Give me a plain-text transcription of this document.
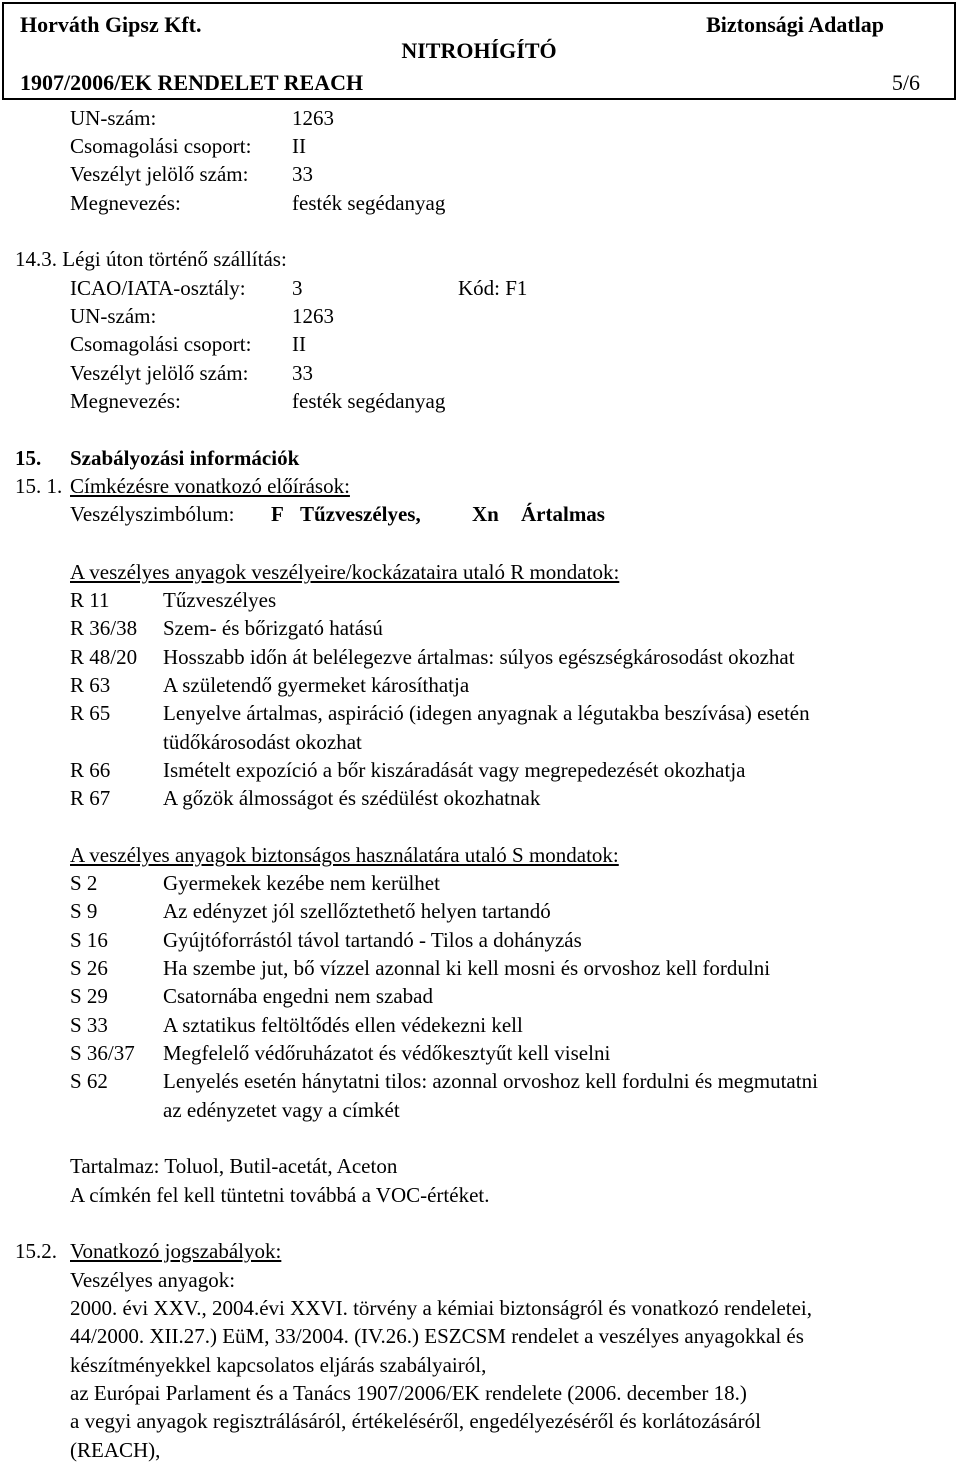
Horváth Gipsz Kft.	Biztonsági Adatlap
NITROHÍGÍTÓ
1907/2006/EK RENDELET REACH	5/6
UN-szám:	1263
Csomagolási csoport: II
Veszélyt jelölő szám: 33
Megnevezés:	festék segédanyag
14.3. Légi úton történő szállítás:
ICAO/IATA-osztály: 3	Kód: F1
UN-szám:	1263
Csomagolási csoport: II
Veszélyt jelölő szám: 33
Megnevezés:	festék segédanyag
15. Szabályozási információk
15. 1. Címkézésre vonatkozó előírások:
Veszélyszimbólum: F Tűzveszélyes, Xn Ártalmas
A veszélyes anyagok veszélyeire/kockázataira utaló R mondatok:
R 11	Tűzveszélyes
R 36/38 Szem- és bőrizgató hatású
R 48/20 Hosszabb időn át belélegezve ártalmas: súlyos egészségkárosodást okozhat
R 63	A születendő gyermeket károsíthatja
R 65	Lenyelve ártalmas, aspiráció (idegen anyagnak a légutakba beszívása) esetén
tüdőkárosodást okozhat
R 66	Ismételt expozíció a bőr kiszáradását vagy megrepedezését okozhatja
R 67	A gőzök álmosságot és szédülést okozhatnak
A veszélyes anyagok biztonságos használatára utaló S mondatok:
S 2	Gyermekek kezébe nem kerülhet
S 9	Az edényzet jól szellőztethető helyen tartandó
S 16	Gyújtóforrástól távol tartandó - Tilos a dohányzás
S 26	Ha szembe jut, bő vízzel azonnal ki kell mosni és orvoshoz kell fordulni
S 29	Csatornába engedni nem szabad
S 33	A sztatikus feltöltődés ellen védekezni kell
S 36/37 Megfelelő védőruházatot és védőkesztyűt kell viselni
S 62	Lenyelés esetén hánytatni tilos: azonnal orvoshoz kell fordulni és megmutatni
az edényzetet vagy a címkét
Tartalmaz: Toluol, Butil-acetát, Aceton
A címkén fel kell tüntetni továbbá a VOC-értéket.
15.2. Vonatkozó jogszabályok:
Veszélyes anyagok:
2000. évi XXV., 2004.évi XXVI. törvény a kémiai biztonságról és vonatkozó rendeletei,
44/2000. XII.27.) EüM, 33/2004. (IV.26.) ESZCSM rendelet a veszélyes anyagokkal és
készítményekkel kapcsolatos eljárás szabályairól,
az Európai Parlament és a Tanács 1907/2006/EK rendelete (2006. december 18.)
a vegyi anyagok regisztrálásáról, értékeléséről, engedélyezéséről és korlátozásáról
(REACH),
